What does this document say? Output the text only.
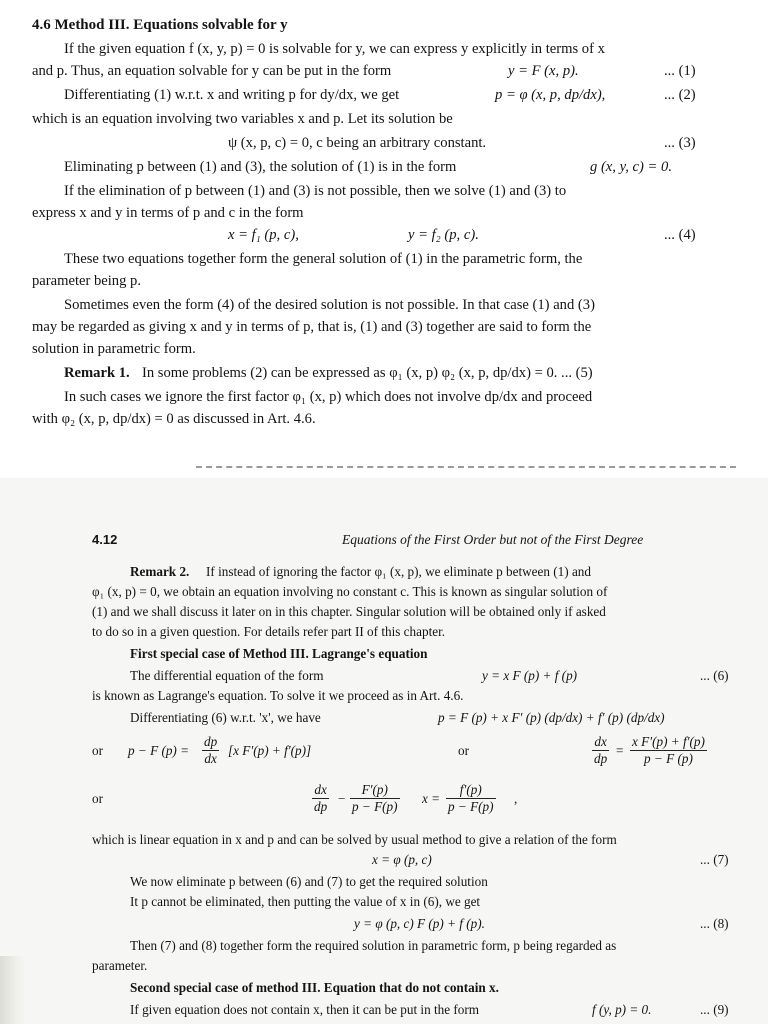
4.6 Method III. Equations solvable for y
If the given equation f (x, y, p) = 0 is solvable for y, we can express y explicitly in terms of x
and p. Thus, an equation solvable for y can be put in the form	y = F (x, p).	... (1)
Differentiating (1) w.r.t. x and writing p for dy/dx, we get	p = φ (x, p, dp/dx),	... (2)
which is an equation involving two variables x and p. Let its solution be
ψ (x, p, c) = 0, c being an arbitrary constant.	... (3)
Eliminating p between (1) and (3), the solution of (1) is in the form	g (x, y, c) = 0.
If the elimination of p between (1) and (3) is not possible, then we solve (1) and (3) to
express x and y in terms of p and c in the form
x = f₁ (p, c),	y = f₂ (p, c).	... (4)
These two equations together form the general solution of (1) in the parametric form, the
parameter being p.
Sometimes even the form (4) of the desired solution is not possible. In that case (1) and (3)
may be regarded as giving x and y in terms of p, that is, (1) and (3) together are said to form the
solution in parametric form.
Remark 1. In some problems (2) can be expressed as φ₁ (x, p) φ₂ (x, p, dp/dx) = 0. ... (5)
In such cases we ignore the first factor φ₁ (x, p) which does not involve dp/dx and proceed
with φ₂ (x, p, dp/dx) = 0 as discussed in Art. 4.6.
4.12	Equations of the First Order but not of the First Degree
Remark 2. If instead of ignoring the factor φ₁ (x, p), we eliminate p between (1) and
φ₁ (x, p) = 0, we obtain an equation involving no constant c. This is known as singular solution of
(1) and we shall discuss it later on in this chapter. Singular solution will be obtained only if asked
to do so in a given question. For details refer part II of this chapter.
First special case of Method III. Lagrange's equation
The differential equation of the form	y = x F (p) + f (p)	... (6)
is known as Lagrange's equation. To solve it we proceed as in Art. 4.6.
Differentiating (6) w.r.t. 'x', we have	p = F (p) + x F′ (p) (dp/dx) + f′ (p) (dp/dx)
or p − F $(p) = \frac{dp}{dx} [x$ F′(p) + f′(p)]	or	$\frac{dx}{dp} = \frac{\text{x F′(p) + f′(p)}}{p - F (p)}$
or	$\frac{dx}{dp} - \frac{F'(p)}{p - F(p)}$ $x = \frac{f'(p)}{p - F(p)}$ ,
which is linear equation in x and p and can be solved by usual method to give a relation of the form
x = φ (p, c)	... (7)
We now eliminate p between (6) and (7) to get the required solution
It p cannot be eliminated, then putting the value of x in (6), we get
y = φ (p, c) F (p) + f (p).	... (8)
Then (7) and (8) together form the required solution in parametric form, p being regarded as
parameter.
Second special case of method III. Equation that do not contain x.
If given equation does not contain x, then it can be put in the form	f (y, p) = 0.	... (9)
